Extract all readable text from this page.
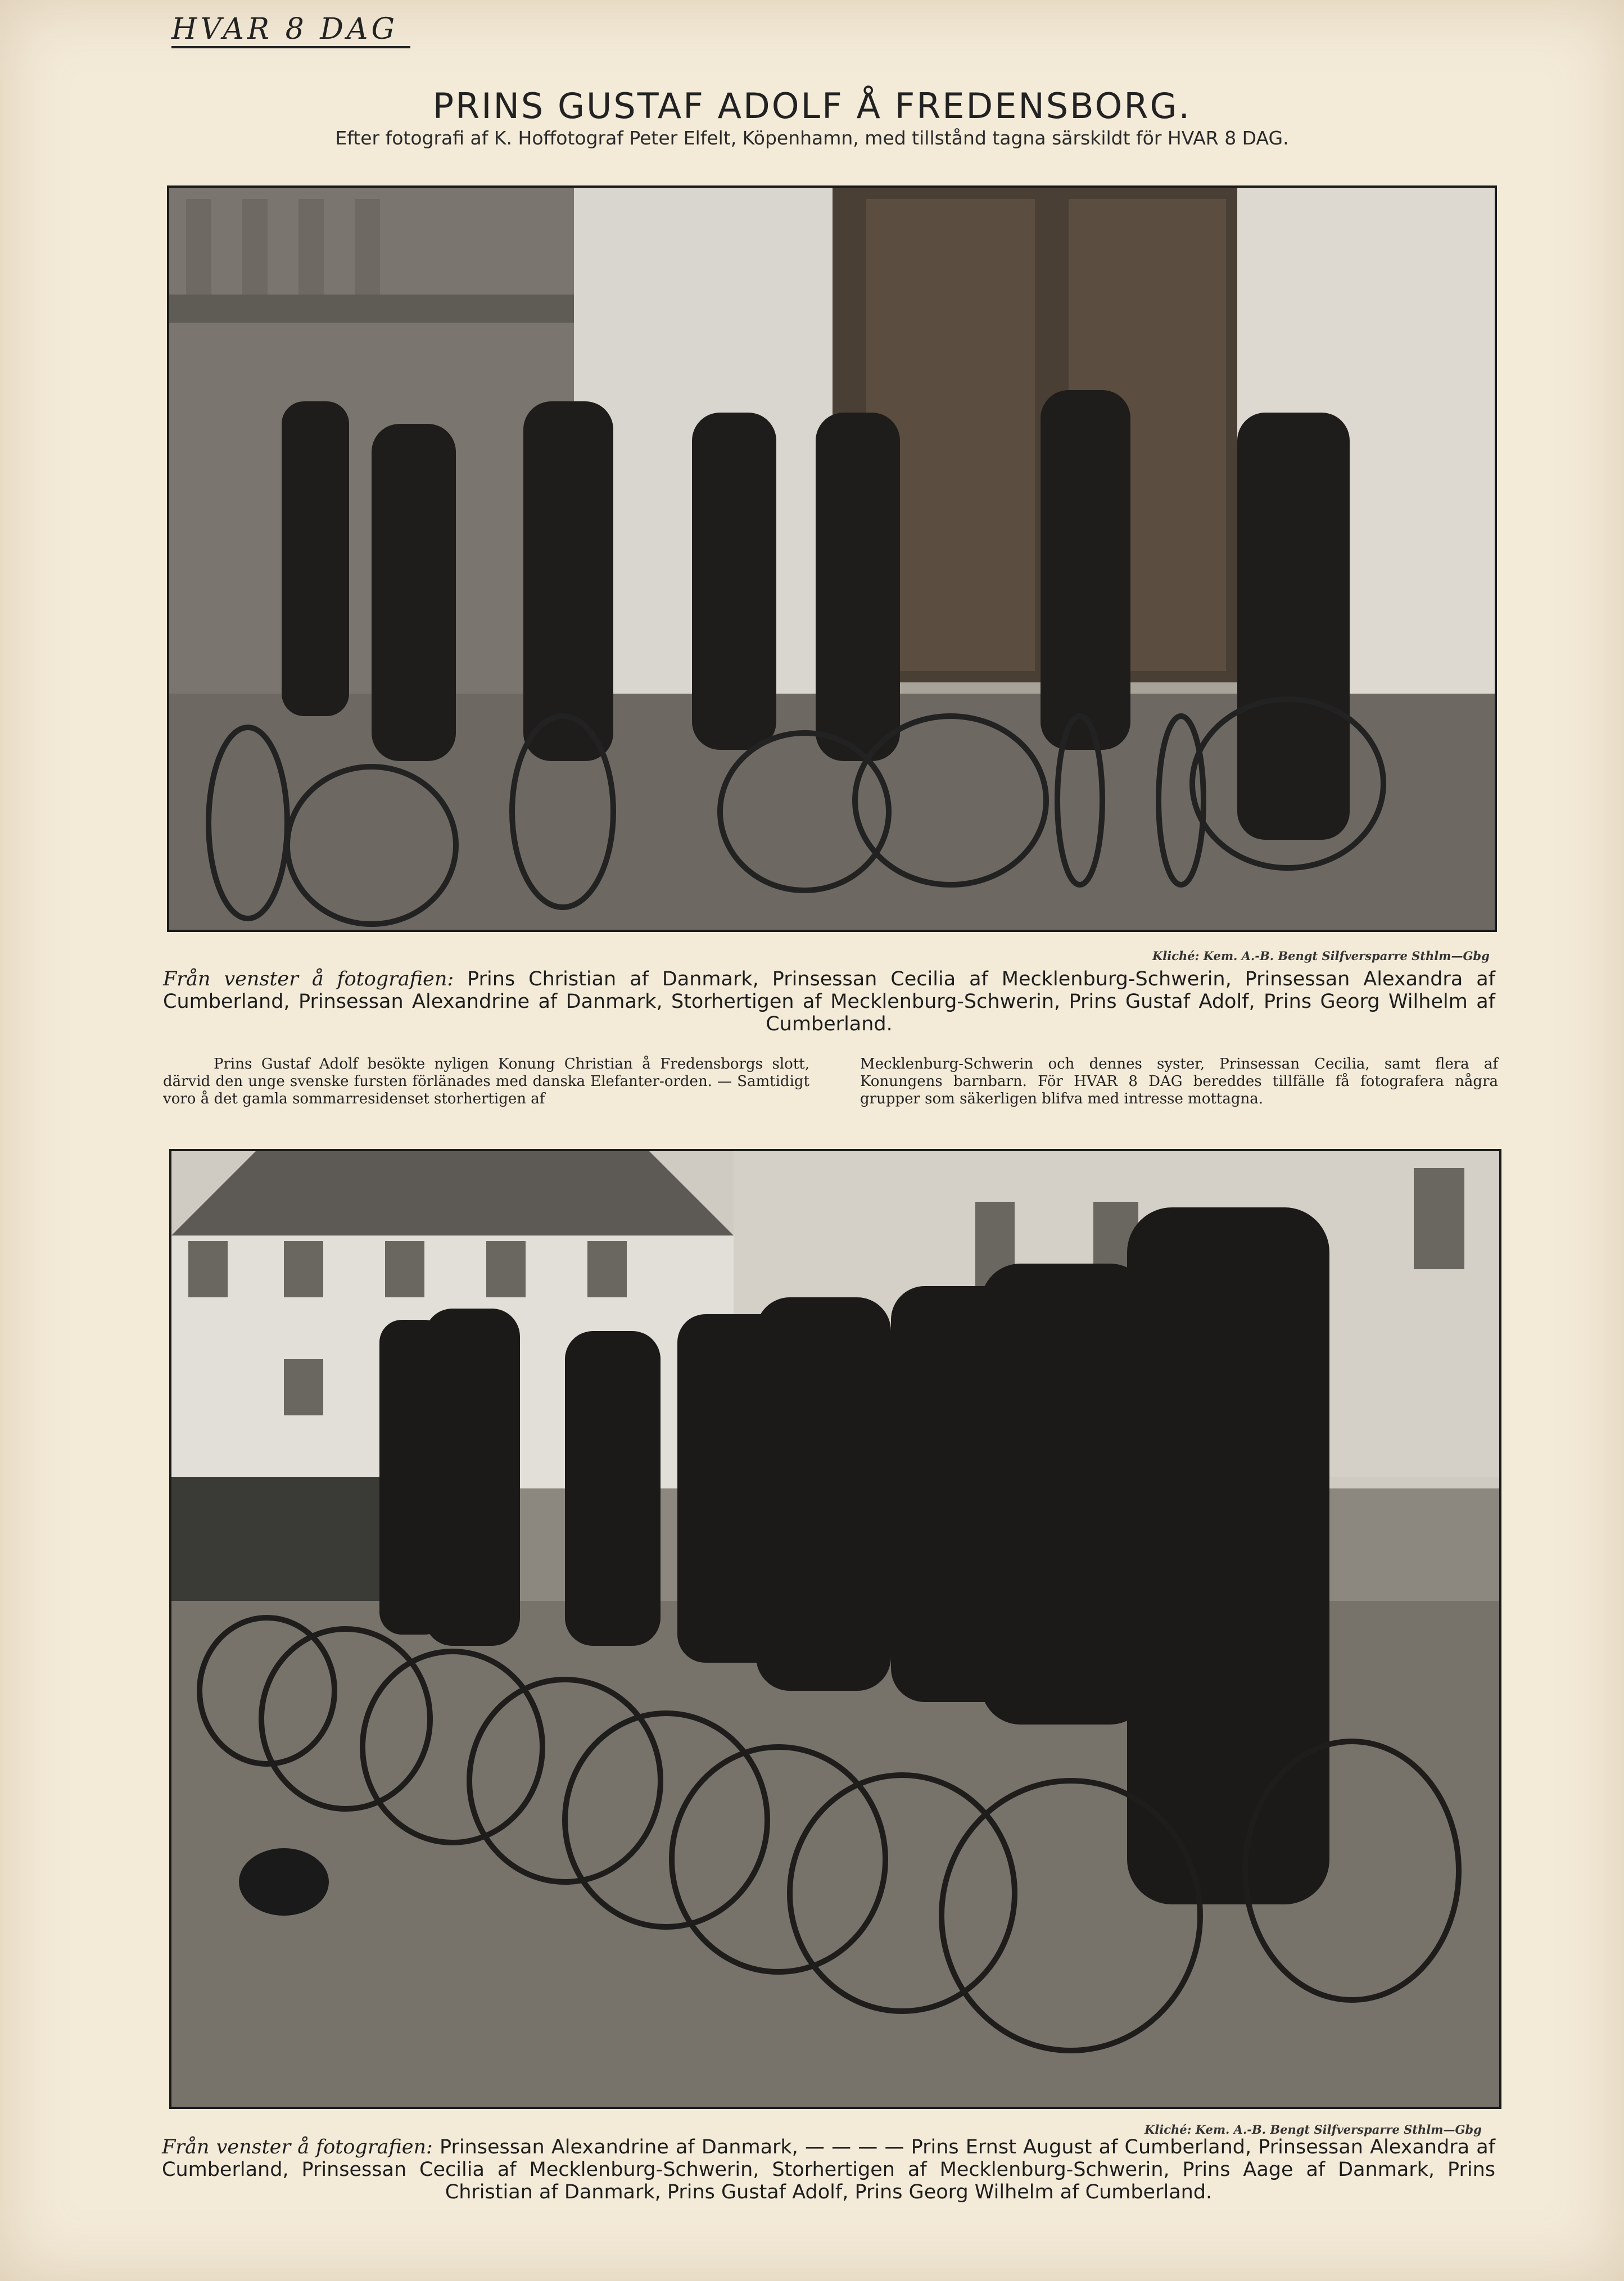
HVAR 8 DAG
PRINS GUSTAF ADOLF Å FREDENSBORG.
Efter fotografi af K. Hoffotograf Peter Elfelt, Köpenhamn, med tillstånd tagna särskildt för HVAR 8 DAG.
Kliché: Kem. A.-B. Bengt Silfversparre Sthlm—Gbg
Från venster å fotografien: Prins Christian af Danmark, Prinsessan Cecilia af Mecklenburg-Schwerin, Prinsessan Alexandra af Cumberland, Prinsessan Alexandrine af Danmark, Storhertigen af Mecklenburg-Schwerin, Prins Gustaf Adolf, Prins Georg Wilhelm af Cumberland.
Prins Gustaf Adolf besökte nyligen Konung Christian å Fredensborgs slott, därvid den unge svenske fursten förlänades med danska Elefanter-orden. — Samtidigt voro å det gamla sommarresidenset storhertigen af
Mecklenburg-Schwerin och dennes syster, Prinsessan Cecilia, samt flera af Konungens barnbarn. För HVAR 8 DAG bereddes tillfälle få fotografera några grupper som säkerligen blifva med intresse mottagna.
Kliché: Kem. A.-B. Bengt Silfversparre Sthlm—Gbg
Från venster å fotografien: Prinsessan Alexandrine af Danmark, — — — — Prins Ernst August af Cumberland, Prinsessan Alexandra af Cumberland, Prinsessan Cecilia af Mecklenburg-Schwerin, Storhertigen af Mecklenburg-Schwerin, Prins Aage af Danmark, Prins Christian af Danmark, Prins Gustaf Adolf, Prins Georg Wilhelm af Cumberland.
